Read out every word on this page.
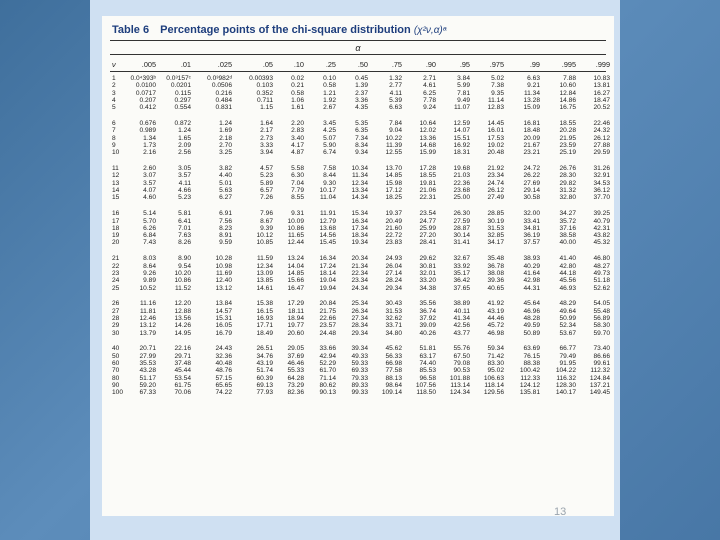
Table 6 Percentage points of the chi-square distribution (χ²ν,α)ᵃ
α
ν	.005	.01	.025	.05	.10	.25	.50	.75	.90	.95	.975	.99	.995	.999
1	0.0⁴393ᵇ	0.0³157ᶜ	0.0³982ᵈ	0.00393	0.02	0.10	0.45	1.32	2.71	3.84	5.02	6.63	7.88	10.83
2	0.0100	0.0201	0.0506	0.103	0.21	0.58	1.39	2.77	4.61	5.99	7.38	9.21	10.60	13.81
3	0.0717	0.115	0.216	0.352	0.58	1.21	2.37	4.11	6.25	7.81	9.35	11.34	12.84	16.27
4	0.207	0.297	0.484	0.711	1.06	1.92	3.36	5.39	7.78	9.49	11.14	13.28	14.86	18.47
5	0.412	0.554	0.831	1.15	1.61	2.67	4.35	6.63	9.24	11.07	12.83	15.09	16.75	20.52
6	0.676	0.872	1.24	1.64	2.20	3.45	5.35	7.84	10.64	12.59	14.45	16.81	18.55	22.46
7	0.989	1.24	1.69	2.17	2.83	4.25	6.35	9.04	12.02	14.07	16.01	18.48	20.28	24.32
8	1.34	1.65	2.18	2.73	3.40	5.07	7.34	10.22	13.36	15.51	17.53	20.09	21.95	26.12
9	1.73	2.09	2.70	3.33	4.17	5.90	8.34	11.39	14.68	16.92	19.02	21.67	23.59	27.88
10	2.16	2.56	3.25	3.94	4.87	6.74	9.34	12.55	15.99	18.31	20.48	23.21	25.19	29.59
11	2.60	3.05	3.82	4.57	5.58	7.58	10.34	13.70	17.28	19.68	21.92	24.72	26.76	31.26
12	3.07	3.57	4.40	5.23	6.30	8.44	11.34	14.85	18.55	21.03	23.34	26.22	28.30	32.91
13	3.57	4.11	5.01	5.89	7.04	9.30	12.34	15.98	19.81	22.36	24.74	27.69	29.82	34.53
14	4.07	4.66	5.63	6.57	7.79	10.17	13.34	17.12	21.06	23.68	26.12	29.14	31.32	36.12
15	4.60	5.23	6.27	7.26	8.55	11.04	14.34	18.25	22.31	25.00	27.49	30.58	32.80	37.70
16	5.14	5.81	6.91	7.96	9.31	11.91	15.34	19.37	23.54	26.30	28.85	32.00	34.27	39.25
17	5.70	6.41	7.56	8.67	10.09	12.79	16.34	20.49	24.77	27.59	30.19	33.41	35.72	40.79
18	6.26	7.01	8.23	9.39	10.86	13.68	17.34	21.60	25.99	28.87	31.53	34.81	37.16	42.31
19	6.84	7.63	8.91	10.12	11.65	14.56	18.34	22.72	27.20	30.14	32.85	36.19	38.58	43.82
20	7.43	8.26	9.59	10.85	12.44	15.45	19.34	23.83	28.41	31.41	34.17	37.57	40.00	45.32
21	8.03	8.90	10.28	11.59	13.24	16.34	20.34	24.93	29.62	32.67	35.48	38.93	41.40	46.80
22	8.64	9.54	10.98	12.34	14.04	17.24	21.34	26.04	30.81	33.92	36.78	40.29	42.80	48.27
23	9.26	10.20	11.69	13.09	14.85	18.14	22.34	27.14	32.01	35.17	38.08	41.64	44.18	49.73
24	9.89	10.86	12.40	13.85	15.66	19.04	23.34	28.24	33.20	36.42	39.36	42.98	45.56	51.18
25	10.52	11.52	13.12	14.61	16.47	19.94	24.34	29.34	34.38	37.65	40.65	44.31	46.93	52.62
26	11.16	12.20	13.84	15.38	17.29	20.84	25.34	30.43	35.56	38.89	41.92	45.64	48.29	54.05
27	11.81	12.88	14.57	16.15	18.11	21.75	26.34	31.53	36.74	40.11	43.19	46.96	49.64	55.48
28	12.46	13.56	15.31	16.93	18.94	22.66	27.34	32.62	37.92	41.34	44.46	48.28	50.99	56.89
29	13.12	14.26	16.05	17.71	19.77	23.57	28.34	33.71	39.09	42.56	45.72	49.59	52.34	58.30
30	13.79	14.95	16.79	18.49	20.60	24.48	29.34	34.80	40.26	43.77	46.98	50.89	53.67	59.70
40	20.71	22.16	24.43	26.51	29.05	33.66	39.34	45.62	51.81	55.76	59.34	63.69	66.77	73.40
50	27.99	29.71	32.36	34.76	37.69	42.94	49.33	56.33	63.17	67.50	71.42	76.15	79.49	86.66
60	35.53	37.48	40.48	43.19	46.46	52.29	59.33	66.98	74.40	79.08	83.30	88.38	91.95	99.61
70	43.28	45.44	48.76	51.74	55.33	61.70	69.33	77.58	85.53	90.53	95.02	100.42	104.22	112.32
80	51.17	53.54	57.15	60.39	64.28	71.14	79.33	88.13	96.58	101.88	106.63	112.33	116.32	124.84
90	59.20	61.75	65.65	69.13	73.29	80.62	89.33	98.64	107.56	113.14	118.14	124.12	128.30	137.21
100	67.33	70.06	74.22	77.93	82.36	90.13	99.33	109.14	118.50	124.34	129.56	135.81	140.17	149.45
13
